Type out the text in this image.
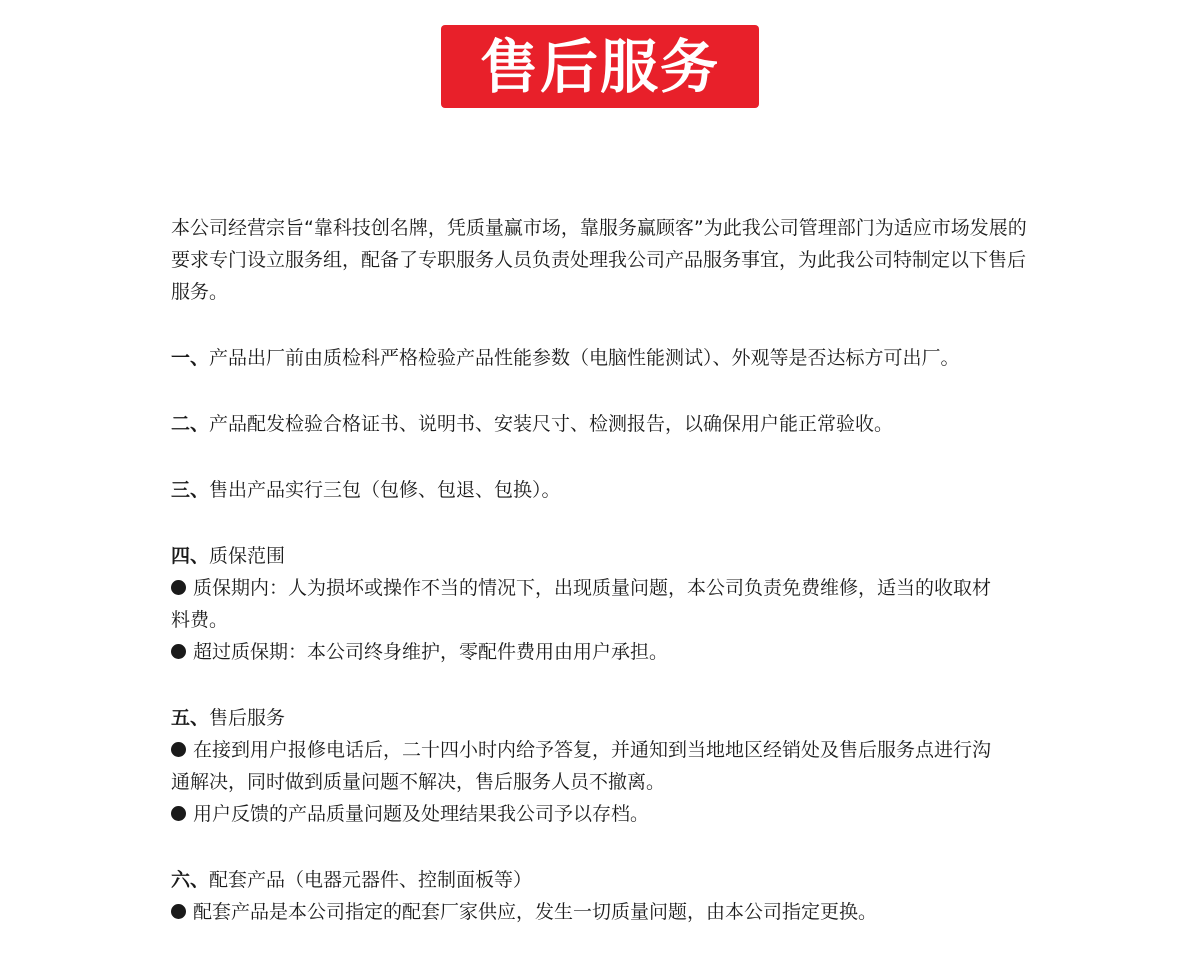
售后服务

本公司经营宗旨“靠科技创名牌，凭质量赢市场，靠服务赢顾客”为此我公司管理部门为适应市场发展的要求专门设立服务组，配备了专职服务人员负责处理我公司产品服务事宜，为此我公司特制定以下售后服务。

一、产品出厂前由质检科严格检验产品性能参数（电脑性能测试）、外观等是否达标方可出厂。

二、产品配发检验合格证书、说明书、安装尺寸、检测报告，以确保用户能正常验收。

三、售出产品实行三包（包修、包退、包换）。

四、质保范围

质保期内：人为损坏或操作不当的情况下，出现质量问题，本公司负责免费维修，适当的收取材料费。

超过质保期：本公司终身维护，零配件费用由用户承担。

五、售后服务

在接到用户报修电话后，二十四小时内给予答复，并通知到当地地区经销处及售后服务点进行沟通解决，同时做到质量问题不解决，售后服务人员不撤离。

用户反馈的产品质量问题及处理结果我公司予以存档。

六、配套产品（电器元器件、控制面板等）

配套产品是本公司指定的配套厂家供应，发生一切质量问题，由本公司指定更换。
